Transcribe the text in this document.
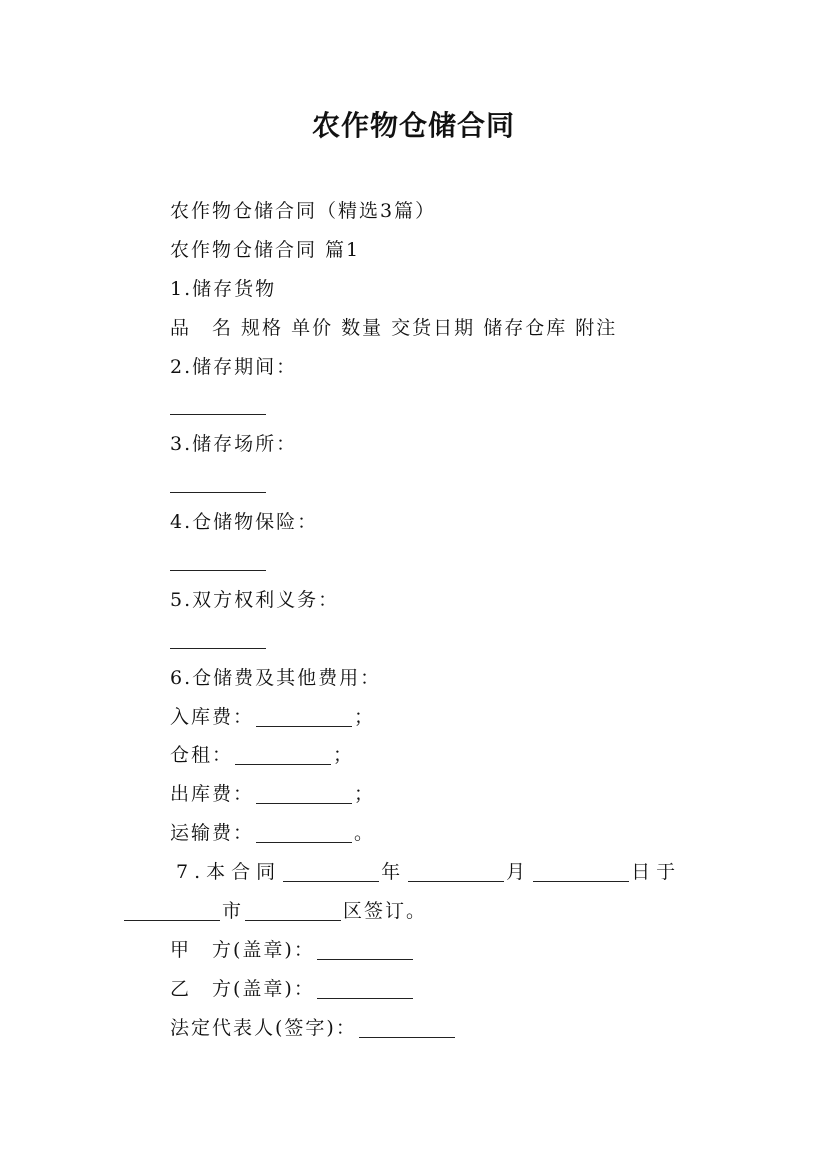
农作物仓储合同
农作物仓储合同（精选3篇）
农作物仓储合同 篇1
1.储存货物
品　名 规格 单价 数量 交货日期 储存仓库 附注
2.储存期间：
3.储存场所：
4.仓储物保险：
5.双方权利义务：
6.仓储费及其他费用：
入库费：	；
仓租：	；
出库费：	；
运输费：	。
7.本合同	年	月	日于
市	区签订。
甲　方(盖章)：
乙　方(盖章)：
法定代表人(签字)：
